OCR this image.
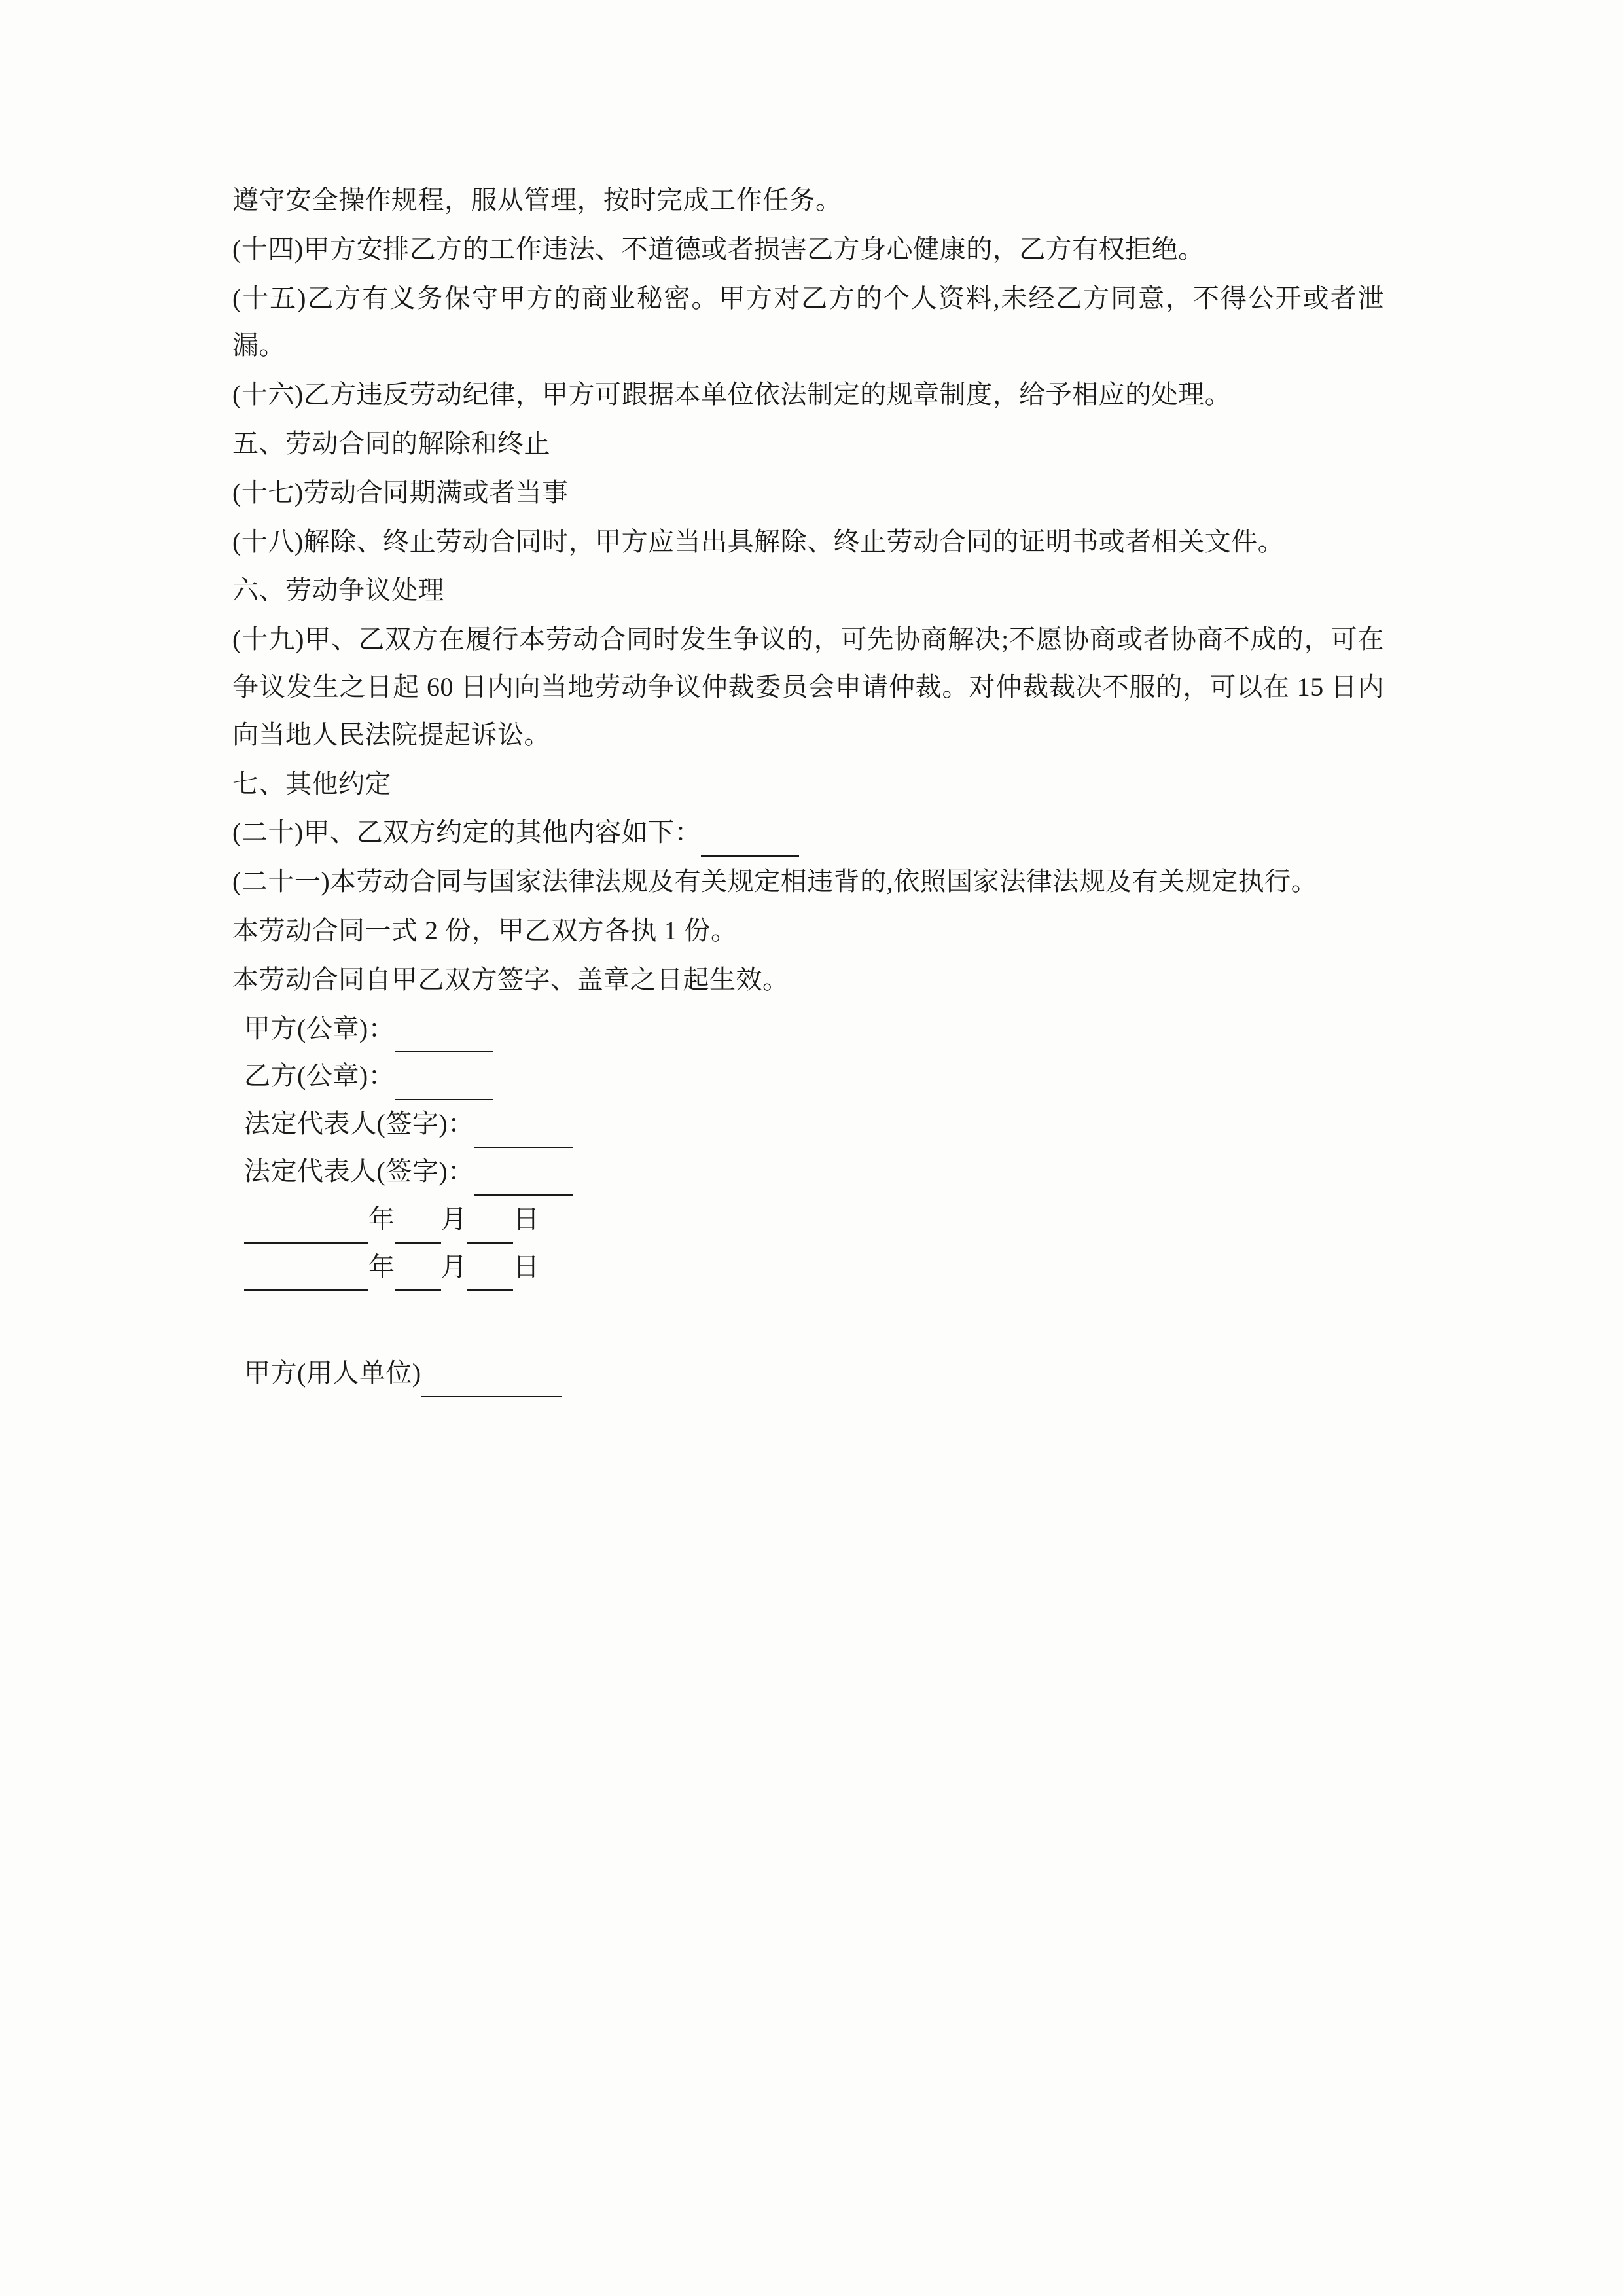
遵守安全操作规程，服从管理，按时完成工作任务。

(十四)甲方安排乙方的工作违法、不道德或者损害乙方身心健康的，乙方有权拒绝。

(十五)乙方有义务保守甲方的商业秘密。甲方对乙方的个人资料,未经乙方同意，不得公开或者泄漏。

(十六)乙方违反劳动纪律，甲方可跟据本单位依法制定的规章制度，给予相应的处理。

五、劳动合同的解除和终止

(十七)劳动合同期满或者当事

(十八)解除、终止劳动合同时，甲方应当出具解除、终止劳动合同的证明书或者相关文件。

六、劳动争议处理

(十九)甲、乙双方在履行本劳动合同时发生争议的，可先协商解决;不愿协商或者协商不成的，可在争议发生之日起 60 日内向当地劳动争议仲裁委员会申请仲裁。对仲裁裁决不服的，可以在 15 日内向当地人民法院提起诉讼。

七、其他约定

(二十)甲、乙双方约定的其他内容如下：

(二十一)本劳动合同与国家法律法规及有关规定相违背的,依照国家法律法规及有关规定执行。

本劳动合同一式 2 份，甲乙双方各执 1 份。

本劳动合同自甲乙双方签字、盖章之日起生效。

甲方(公章)：

乙方(公章)：

法定代表人(签字)：

法定代表人(签字)：

年 月 日

年 月 日

甲方(用人单位)
